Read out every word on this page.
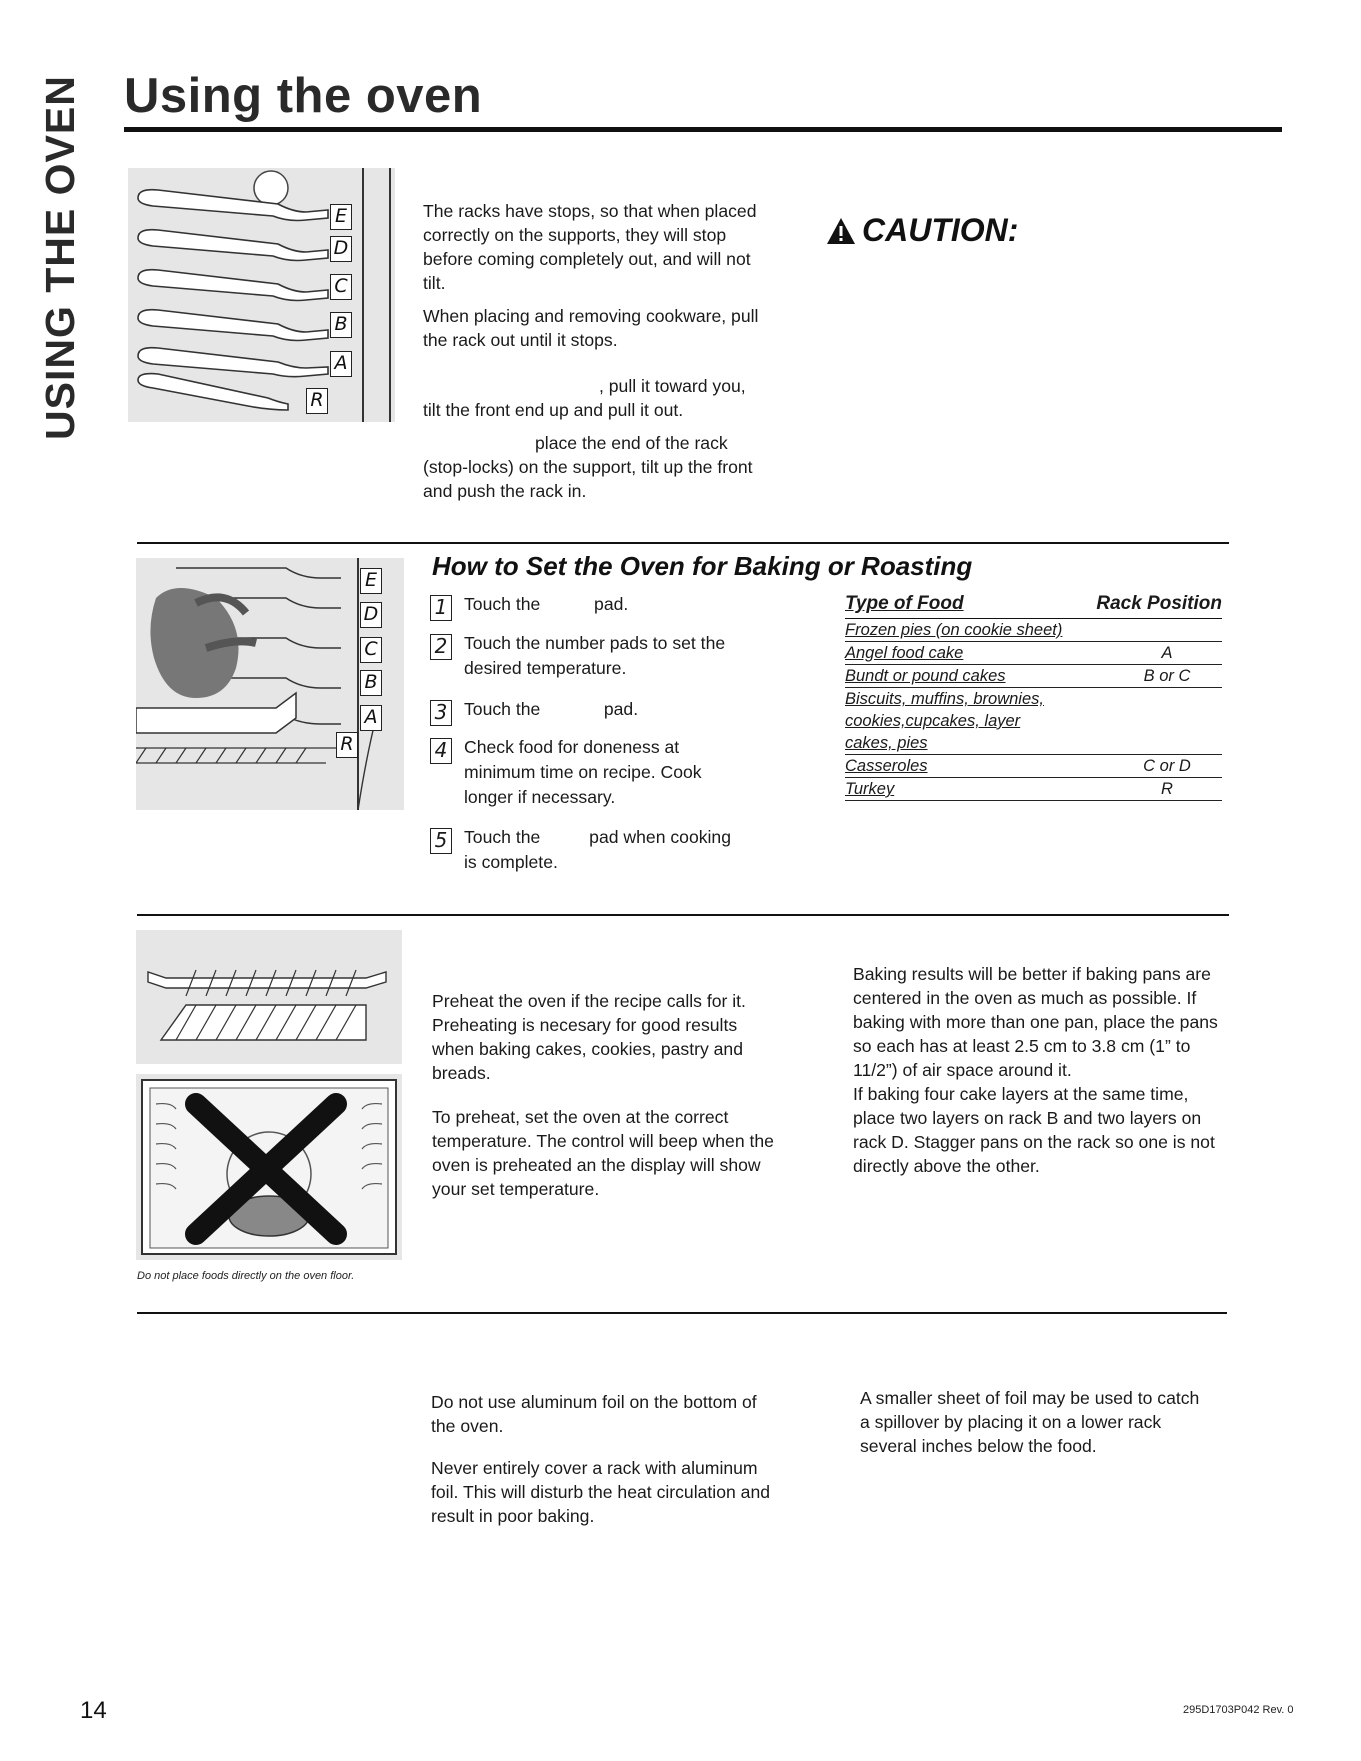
USING THE OVEN Using the oven
E
D
C
B
A
R

The racks have stops, so that when placed correctly on the supports, they will stop before coming completely out, and will not tilt.

When placing and removing cookware, pull the rack out until it stops.

, pull it toward you, tilt the front end up and pull it out.

place the end of the rack (stop-locks) on the support, tilt up the front and push the rack in.

CAUTION:
E
D
C
B
A
R
How to Set the Oven for Baking or Roasting
1 Touch the           pad.
2 Touch the number pads to set the desired temperature.
3 Touch the             pad.
4 Check food for doneness at minimum time on recipe. Cook longer if necessary.
5 Touch the          pad when cooking is complete.
Type of Food	Rack Position
Frozen pies (on cookie sheet)
Angel food cake	A
Bundt or pound cakes	B or C
Biscuits, muffins, brownies, cookies,cupcakes, layer cakes, pies
Casseroles	C or D
Turkey	R
Do not place foods directly on the oven floor.

Preheat the oven if the recipe calls for it. Preheating is necesary for good results when baking cakes, cookies, pastry and breads.

To preheat, set the oven at the correct temperature. The control will beep when the oven is preheated an the display will show your set temperature.

Baking results will be better if baking pans are centered in the oven as much as possible. If baking with more than one pan, place the pans so each has at least 2.5 cm to 3.8 cm (1” to 11/2”) of air space around it.

If baking four cake layers at the same time, place two layers on rack B and two layers on rack D. Stagger pans on the rack so one is not directly above the other.

Do not use aluminum foil on the bottom of the oven.

Never entirely cover a rack with aluminum foil. This will disturb the heat circulation and result in poor baking.

A smaller sheet of foil may be used to catch a spillover by placing it on a lower rack several inches below the food.

14	295D1703P042 Rev. 0
